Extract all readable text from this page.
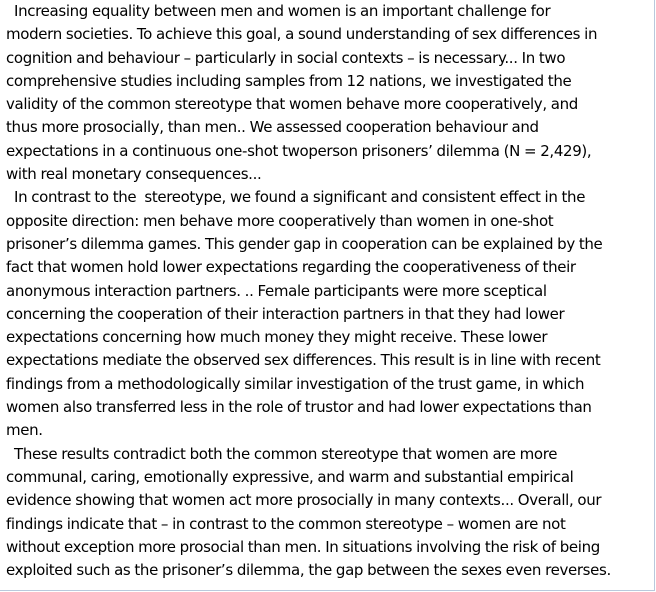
Increasing equality between men and women is an important challenge for
modern societies. To achieve this goal, a sound understanding of sex differences in
cognition and behaviour – particularly in social contexts – is necessary... In two
comprehensive studies including samples from 12 nations, we investigated the
validity of the common stereotype that women behave more cooperatively, and
thus more prosocially, than men.. We assessed cooperation behaviour and
expectations in a continuous one-shot twoperson prisoners’ dilemma (N = 2,429),
with real monetary consequences...
In contrast to the  stereotype, we found a significant and consistent effect in the
opposite direction: men behave more cooperatively than women in one-shot
prisoner’s dilemma games. This gender gap in cooperation can be explained by the
fact that women hold lower expectations regarding the cooperativeness of their
anonymous interaction partners. .. Female participants were more sceptical
concerning the cooperation of their interaction partners in that they had lower
expectations concerning how much money they might receive. These lower
expectations mediate the observed sex differences. This result is in line with recent
findings from a methodologically similar investigation of the trust game, in which
women also transferred less in the role of trustor and had lower expectations than
men.
These results contradict both the common stereotype that women are more
communal, caring, emotionally expressive, and warm and substantial empirical
evidence showing that women act more prosocially in many contexts... Overall, our
findings indicate that – in contrast to the common stereotype – women are not
without exception more prosocial than men. In situations involving the risk of being
exploited such as the prisoner’s dilemma, the gap between the sexes even reverses.
